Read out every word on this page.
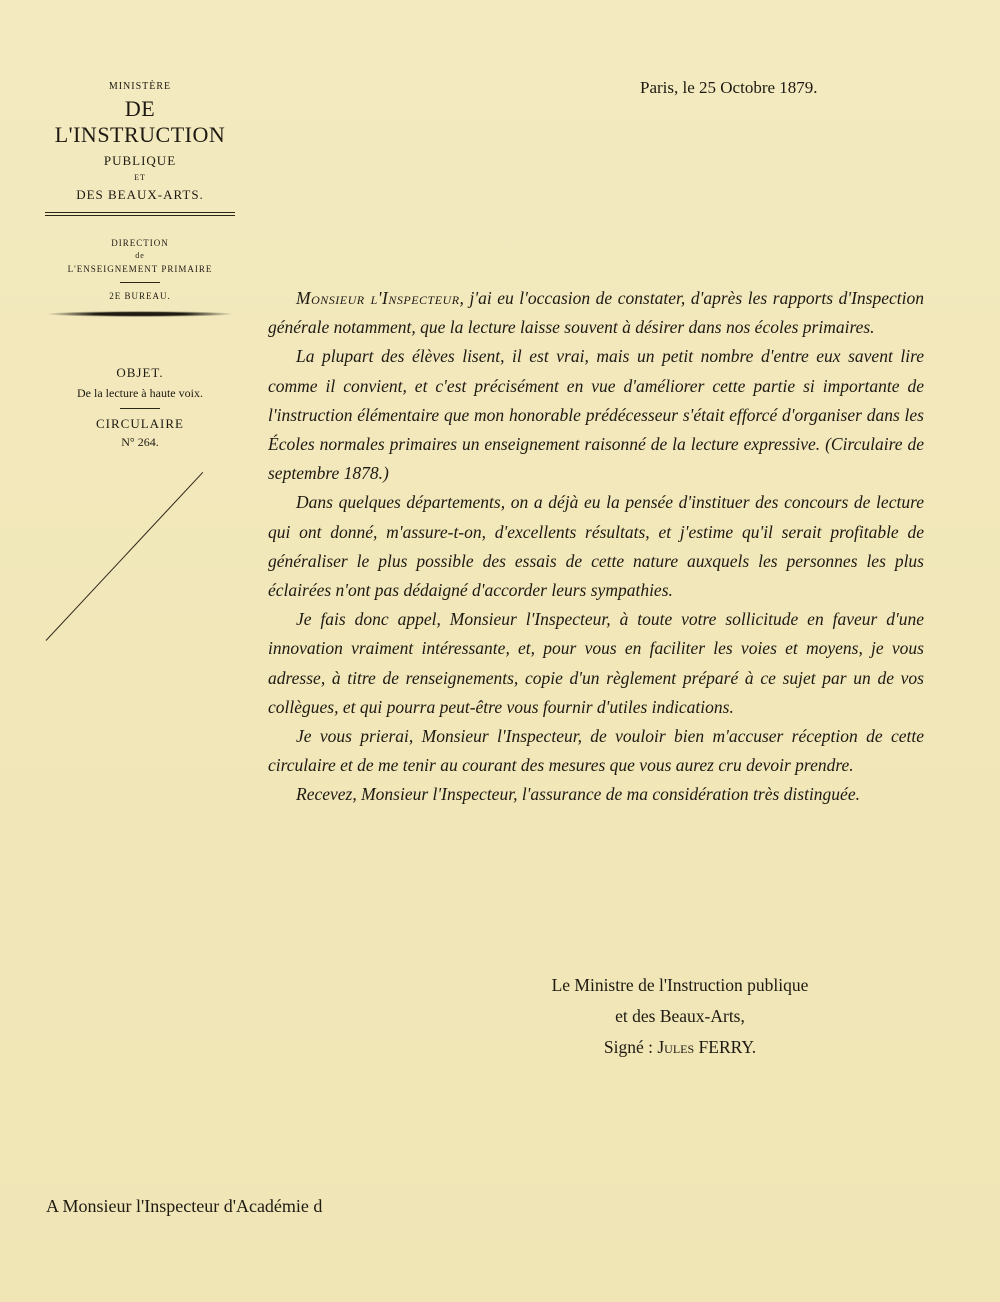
MINISTÈRE

DE L'INSTRUCTION

PUBLIQUE

ET

DES BEAUX-ARTS.

DIRECTION

de

L'ENSEIGNEMENT PRIMAIRE

2E BUREAU.

OBJET.

De la lecture à haute voix.

CIRCULAIRE

N° 264.

Paris, le 25 Octobre 1879.

Monsieur l'Inspecteur, j'ai eu l'occasion de constater, d'après les rapports d'Inspection générale notamment, que la lecture laisse souvent à désirer dans nos écoles primaires.

La plupart des élèves lisent, il est vrai, mais un petit nombre d'entre eux savent lire comme il convient, et c'est précisément en vue d'améliorer cette partie si importante de l'instruction élémentaire que mon honorable prédécesseur s'était efforcé d'organiser dans les Écoles normales primaires un enseignement raisonné de la lecture expressive. (Circulaire de septembre 1878.)

Dans quelques départements, on a déjà eu la pensée d'instituer des concours de lecture qui ont donné, m'assure-t-on, d'excellents résultats, et j'estime qu'il serait profitable de généraliser le plus possible des essais de cette nature auxquels les personnes les plus éclairées n'ont pas dédaigné d'accorder leurs sympathies.

Je fais donc appel, Monsieur l'Inspecteur, à toute votre sollicitude en faveur d'une innovation vraiment intéressante, et, pour vous en faciliter les voies et moyens, je vous adresse, à titre de renseignements, copie d'un règlement préparé à ce sujet par un de vos collègues, et qui pourra peut-être vous fournir d'utiles indications.

Je vous prierai, Monsieur l'Inspecteur, de vouloir bien m'accuser réception de cette circulaire et de me tenir au courant des mesures que vous aurez cru devoir prendre.

Recevez, Monsieur l'Inspecteur, l'assurance de ma considération très distinguée.

Le Ministre de l'Instruction publique
et des Beaux-Arts,
Signé : Jules FERRY.
A Monsieur l'Inspecteur d'Académie d
